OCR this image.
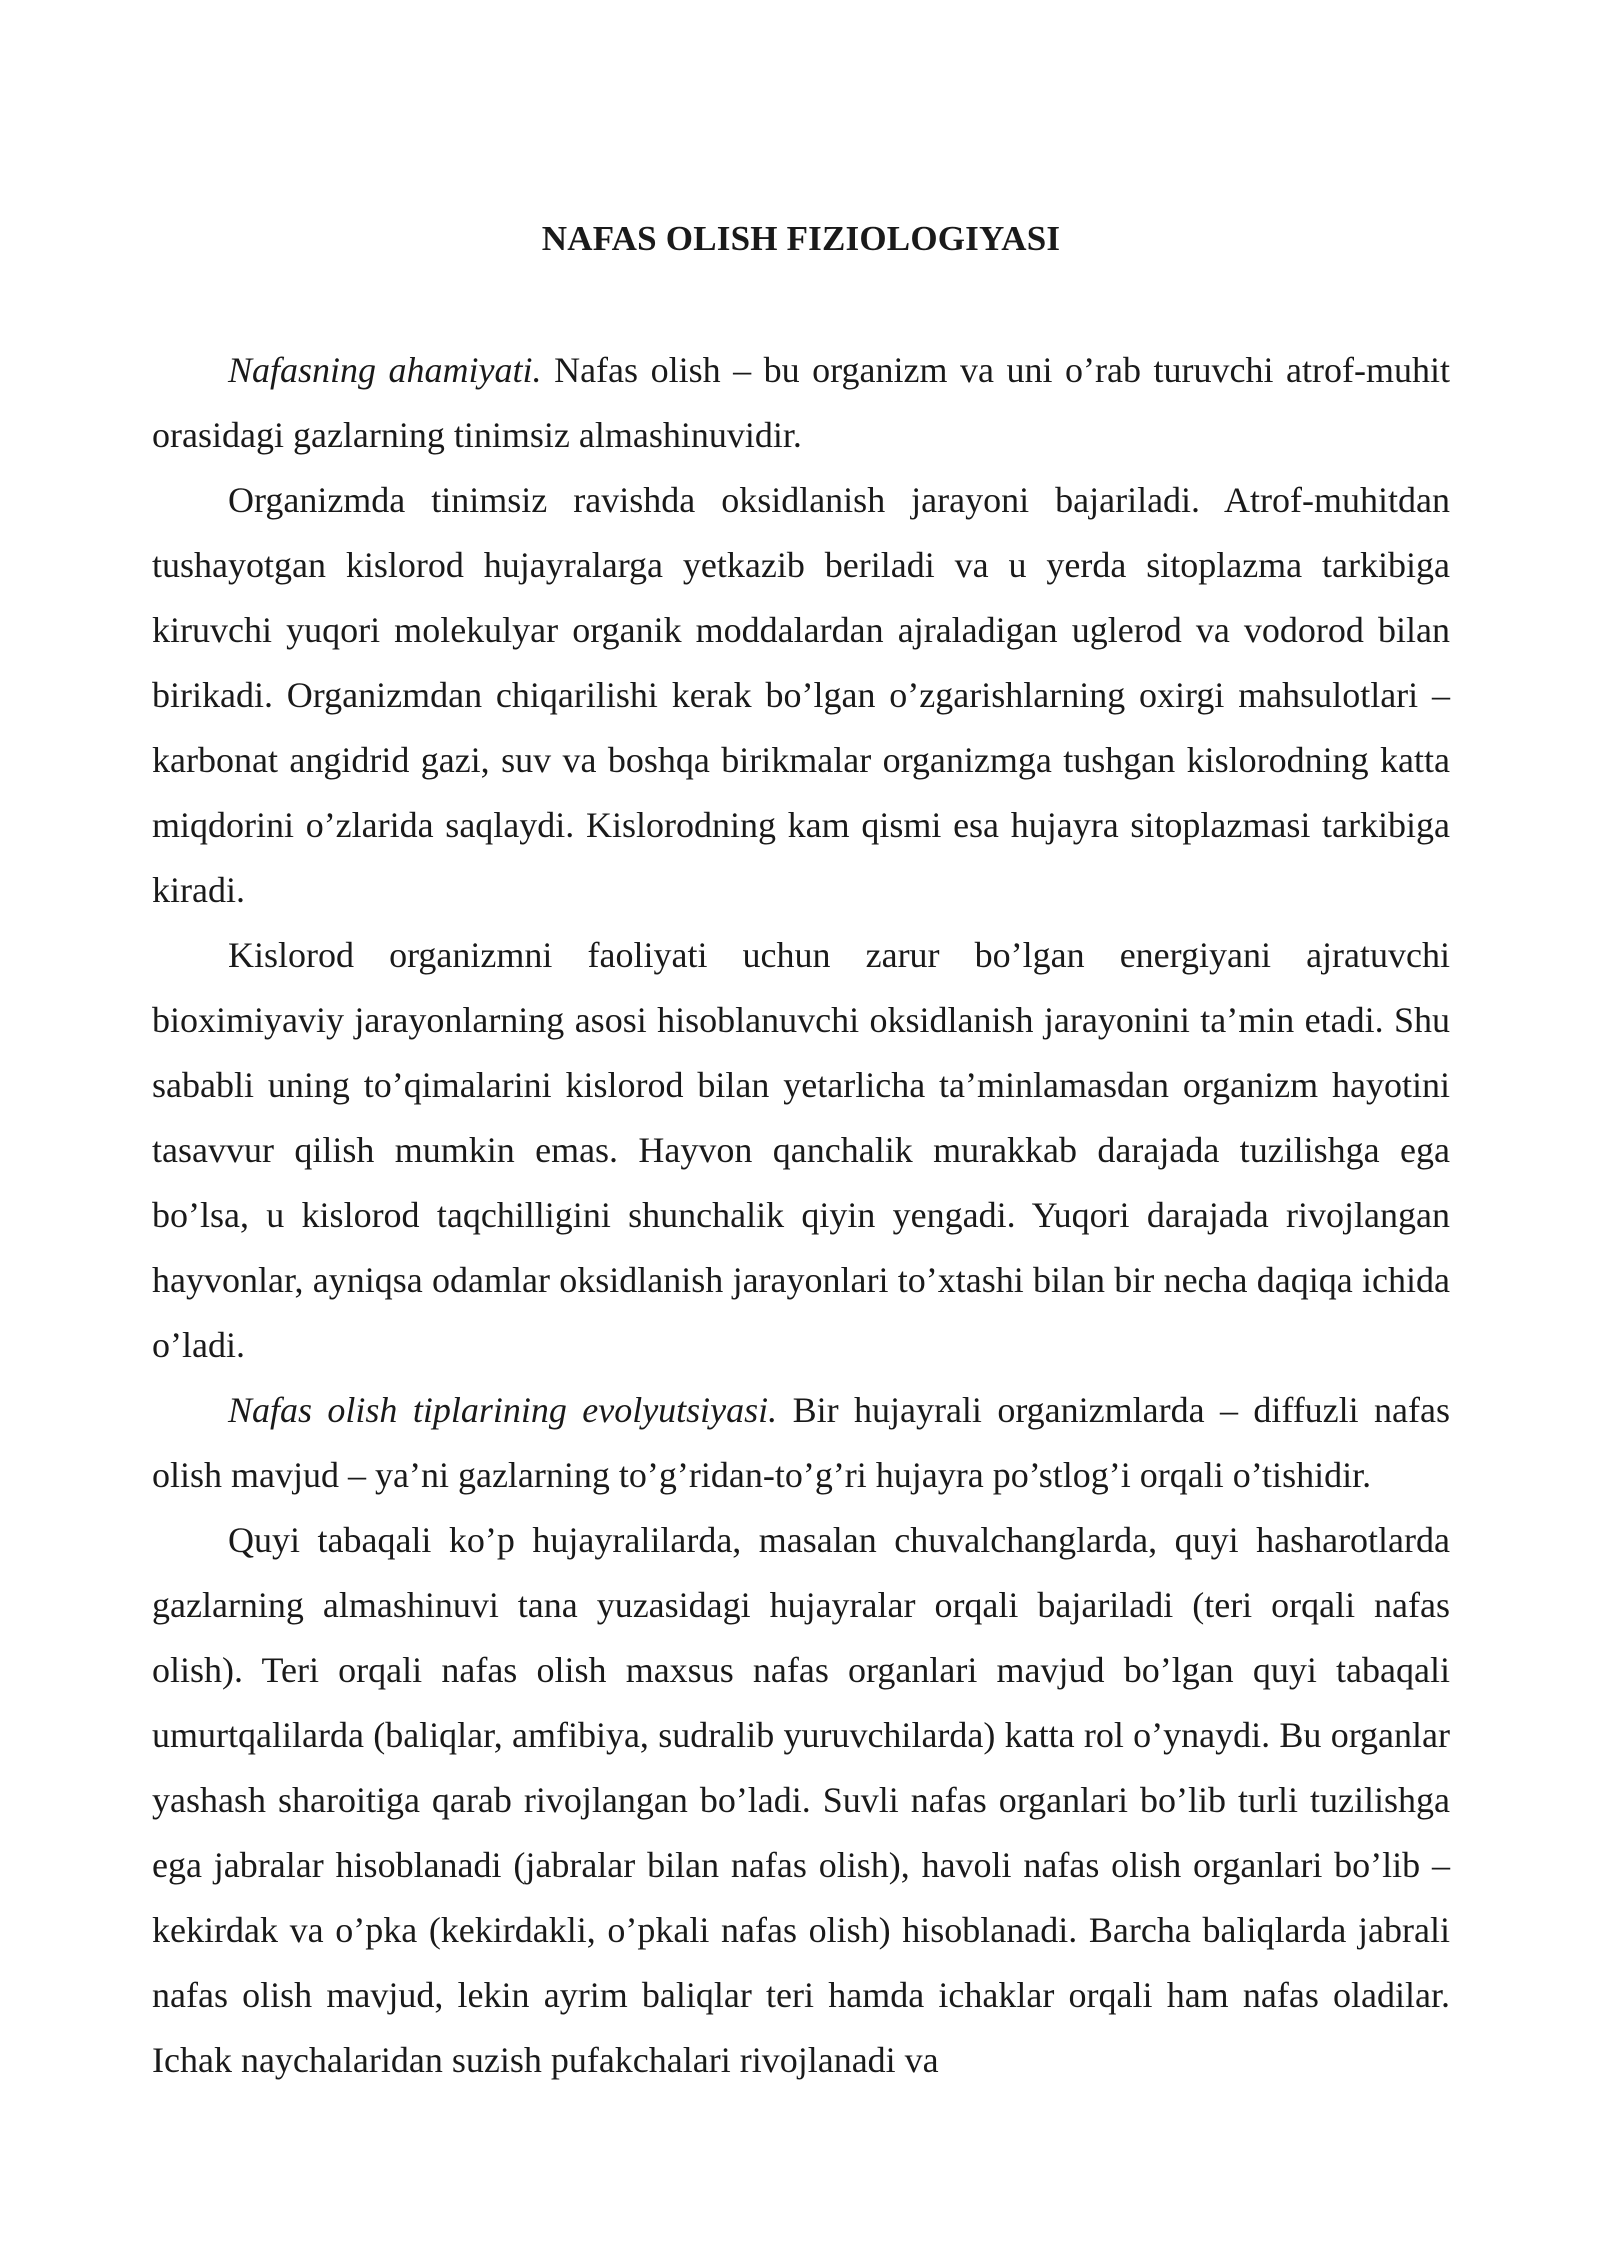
NAFAS OLISH FIZIOLOGIYASI

Nafasning ahamiyati. Nafas olish – bu organizm va uni o’rab turuvchi atrof-muhit orasidagi gazlarning tinimsiz almashinuvidir.

Organizmda tinimsiz ravishda oksidlanish jarayoni bajariladi. Atrof-muhitdan tushayotgan kislorod hujayralarga yetkazib beriladi va u yerda sitoplazma tarkibiga kiruvchi yuqori molekulyar organik moddalardan ajraladigan uglerod va vodorod bilan birikadi. Organizmdan chiqarilishi kerak bo’lgan o’zgarishlarning oxirgi mahsulotlari – karbonat angidrid gazi, suv va boshqa birikmalar organizmga tushgan kislorodning katta miqdorini o’zlarida saqlaydi. Kislorodning kam qismi esa hujayra sitoplazmasi tarkibiga kiradi.

Kislorod organizmni faoliyati uchun zarur bo’lgan energiyani ajratuvchi bioximiyaviy jarayonlarning asosi hisoblanuvchi oksidlanish jarayonini ta’min etadi. Shu sababli uning to’qimalarini kislorod bilan yetarlicha ta’minlamasdan organizm hayotini tasavvur qilish mumkin emas. Hayvon qanchalik murakkab darajada tuzilishga ega bo’lsa, u kislorod taqchilligini shunchalik qiyin yengadi. Yuqori darajada rivojlangan hayvonlar, ayniqsa odamlar oksidlanish jarayonlari to’xtashi bilan bir necha daqiqa ichida o’ladi.

Nafas olish tiplarining evolyutsiyasi. Bir hujayrali organizmlarda – diffuzli nafas olish mavjud – ya’ni gazlarning to’g’ridan-to’g’ri hujayra po’stlog’i orqali o’tishidir.

Quyi tabaqali ko’p hujayralilarda, masalan chuvalchanglarda, quyi hasharotlarda gazlarning almashinuvi tana yuzasidagi hujayralar orqali bajariladi (teri orqali nafas olish). Teri orqali nafas olish maxsus nafas organlari mavjud bo’lgan quyi tabaqali umurtqalilarda (baliqlar, amfibiya, sudralib yuruvchilarda) katta rol o’ynaydi. Bu organlar yashash sharoitiga qarab rivojlangan bo’ladi. Suvli nafas organlari bo’lib turli tuzilishga ega jabralar hisoblanadi (jabralar bilan nafas olish), havoli nafas olish organlari bo’lib – kekirdak va o’pka (kekirdakli, o’pkali nafas olish) hisoblanadi. Barcha baliqlarda jabrali nafas olish mavjud, lekin ayrim baliqlar teri hamda ichaklar orqali ham nafas oladilar. Ichak naychalaridan suzish pufakchalari rivojlanadi va
